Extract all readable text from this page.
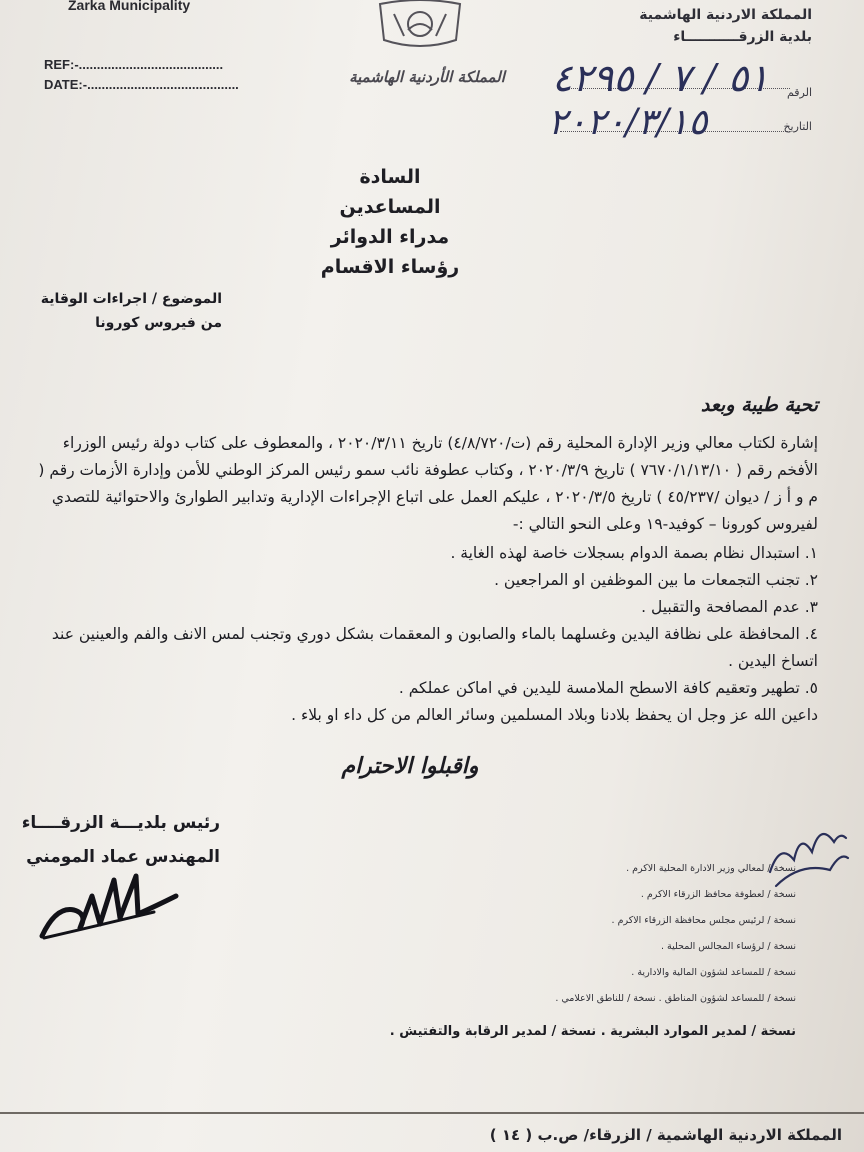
Zarka Municipality
REF:-........................................
DATE:-..........................................	المملكة الأردنية الهاشمية
المملكة الاردنية الهاشمية
بلدية الزرقـــــــــــاء
الرقم
٥١ / ٧ / ٤٢٩٥
التاريخ
٢٠٢٠/٣/١٥
السادة
المساعدين
مدراء الدوائر
رؤساء الاقسام
الموضوع / اجراءات الوقاية
من فيروس كورونا
تحية طيبة وبعد
إشارة لكتاب معالي وزير الإدارة المحلية رقم (ت/٤/٨/٧٢٠) تاريخ ٢٠٢٠/٣/١١ ، والمعطوف على كتاب دولة رئيس الوزراء الأفخم رقم ( ٧٦٧٠/١/١٣/١٠ ) تاريخ ٢٠٢٠/٣/٩ ، وكتاب عطوفة نائب سمو رئيس المركز الوطني للأمن وإدارة الأزمات رقم ( م و أ ز / ديوان /٤٥/٢٣٧ ) تاريخ ٢٠٢٠/٣/٥ ، عليكم العمل على اتباع الإجراءات الإدارية وتدابير الطوارئ والاحتوائية للتصدي لفيروس كورونا – كوفيد-١٩ وعلى النحو التالي :-
١. استبدال نظام بصمة الدوام بسجلات خاصة لهذه الغاية .
٢. تجنب التجمعات ما بين الموظفين او المراجعين .
٣. عدم المصافحة والتقبيل .
٤. المحافظة على نظافة اليدين وغسلهما بالماء والصابون و المعقمات بشكل دوري وتجنب لمس الانف والفم والعينين عند اتساخ اليدين .
٥. تطهير وتعقيم كافة الاسطح الملامسة لليدين في اماكن عملكم .
داعين الله عز وجل ان يحفظ بلادنا وبلاد المسلمين وسائر العالم من كل داء او بلاء .
واقبلوا الاحترام
رئيس بلديـــة الزرقــــاء
المهندس عماد المومني
نسخة / لمعالي وزير الادارة المحلية الاكرم .
نسخة / لعطوفة محافظ الزرقاء الاكرم .
نسخة / لرئيس مجلس محافظة الزرقاء الاكرم .
نسخة / لرؤساء المجالس المحلية .
نسخة / للمساعد لشؤون المالية والادارية .
نسخة / للمساعد لشؤون المناطق . نسخة / للناطق الاعلامي .
نسخة / لمدير الموارد البشرية . نسخة / لمدير الرقابة والتفتيش .
المملكة الاردنية الهاشمية / الزرقاء/ ص.ب ( ١٤ )
